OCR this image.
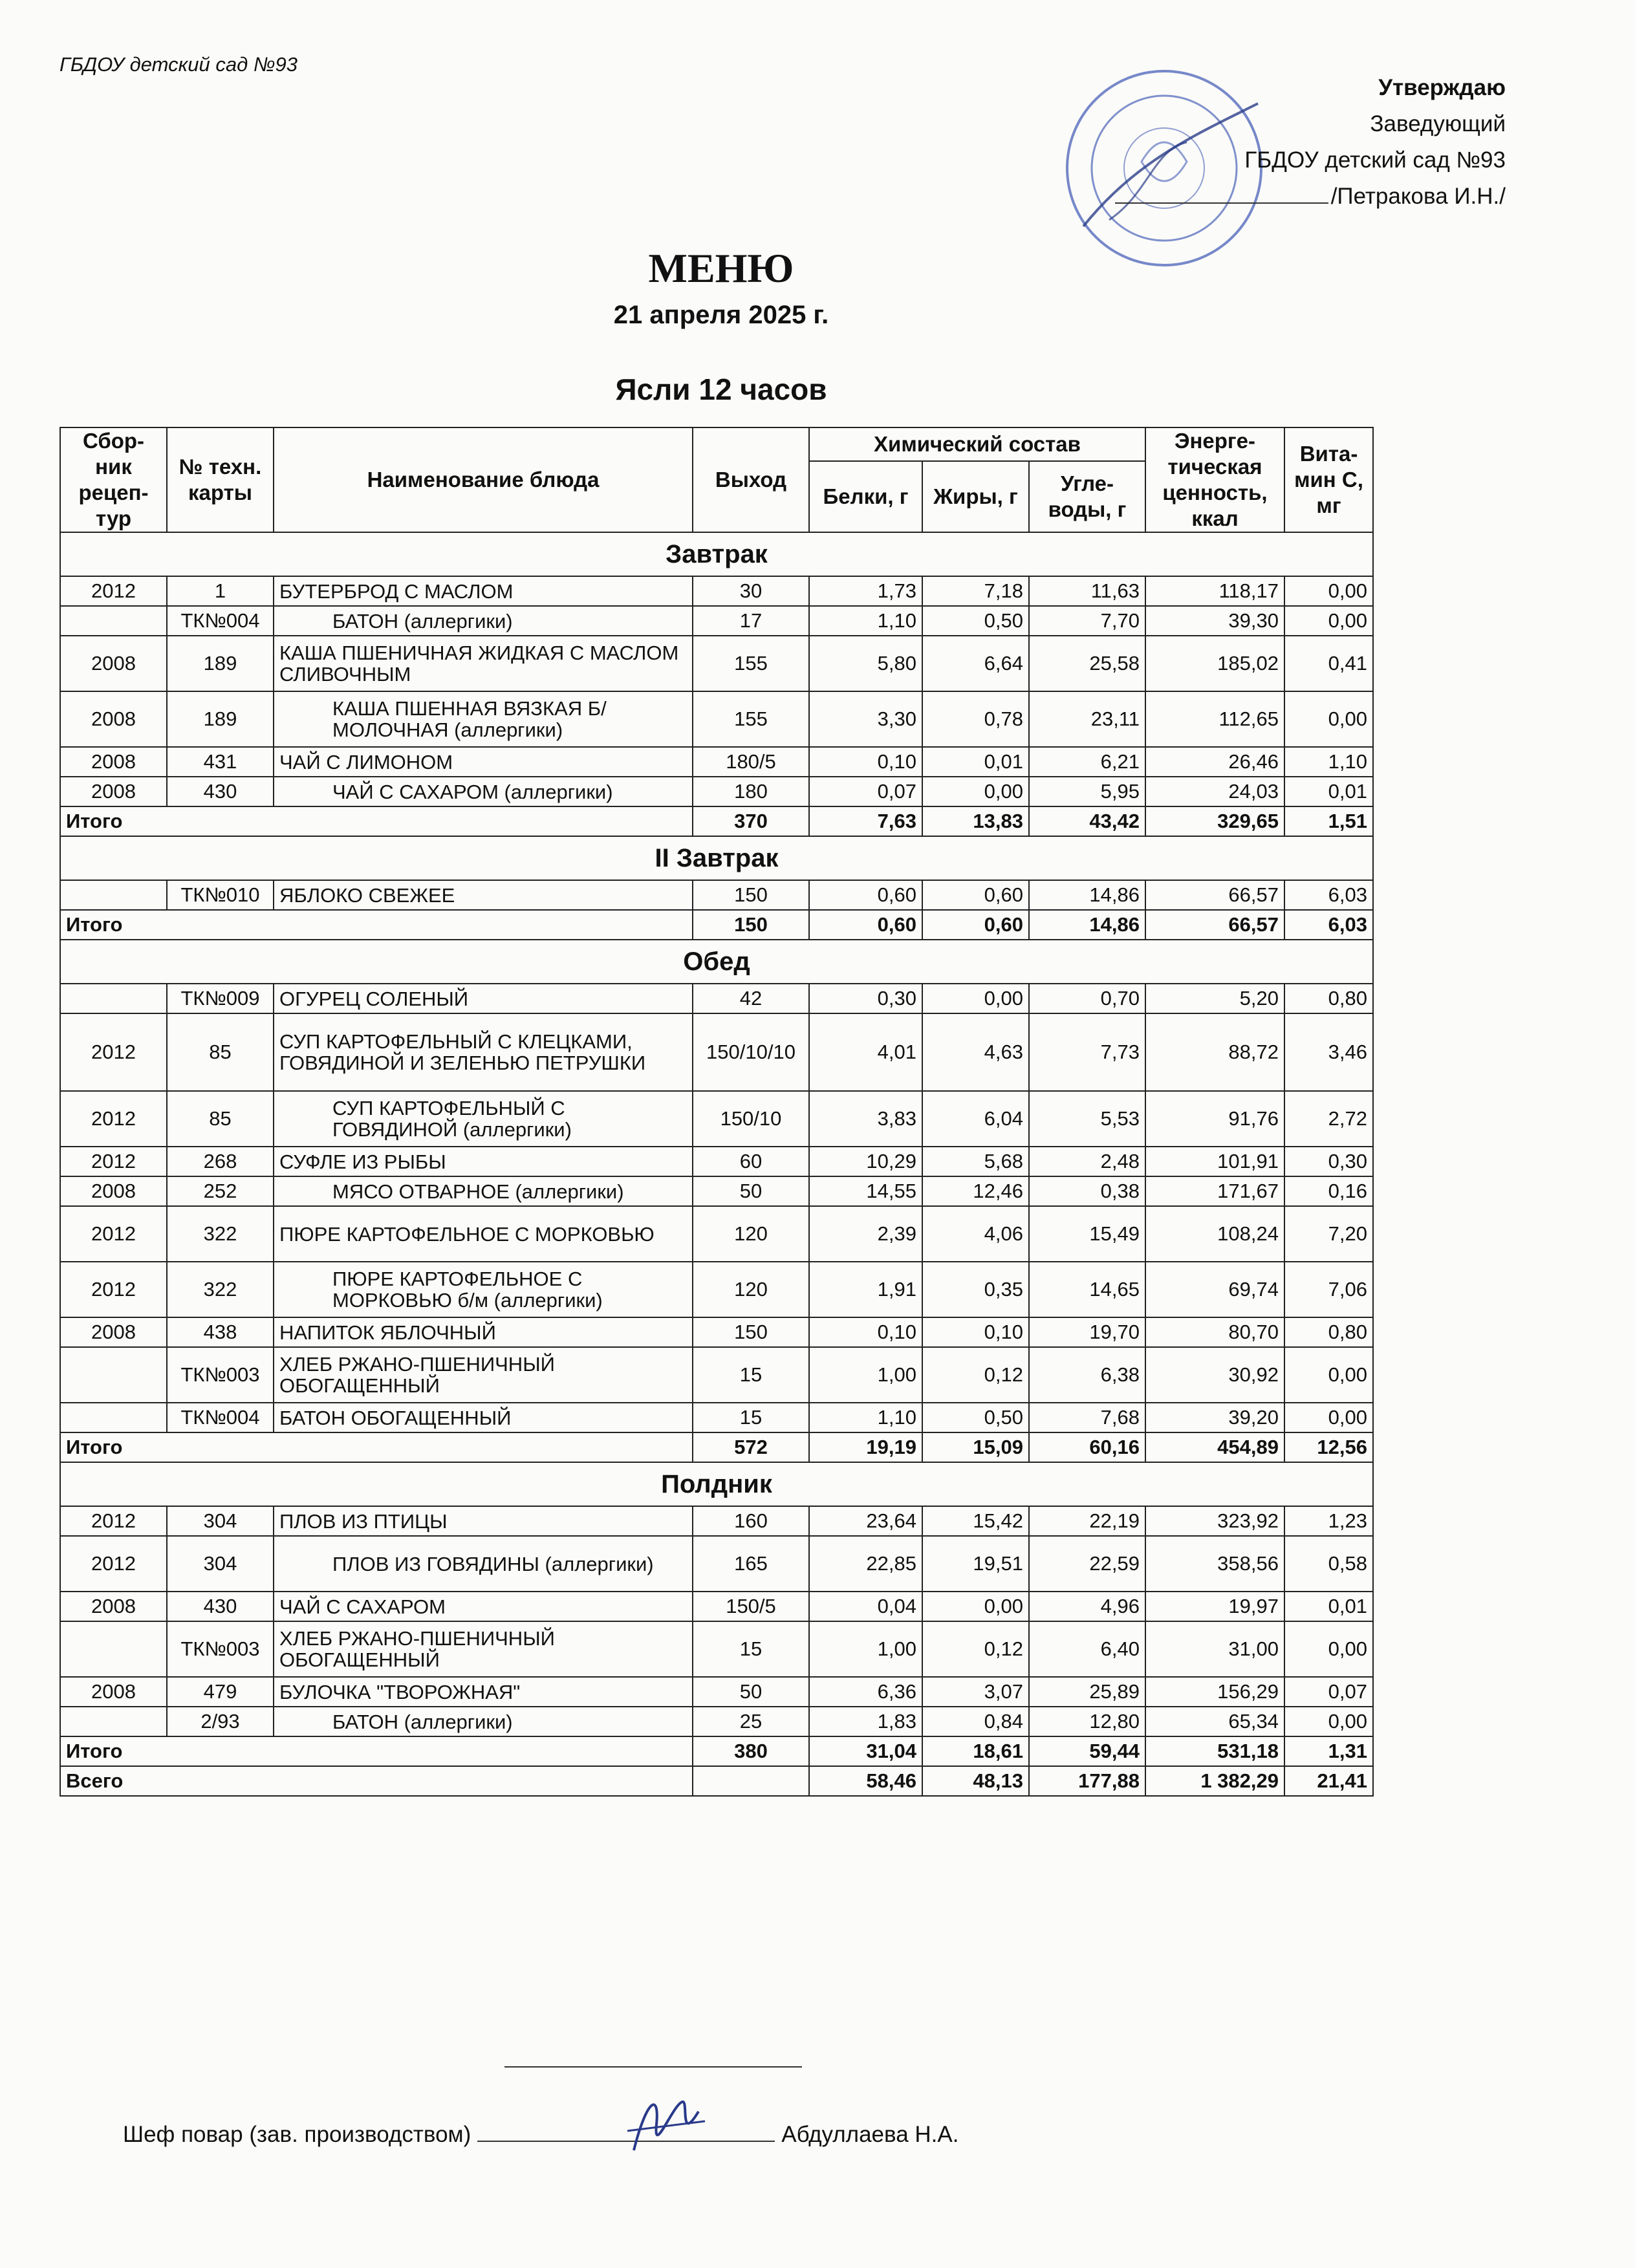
ГБДОУ детский сад №93
Утверждаю
Заведующий
ГБДОУ детский сад №93
/Петракова И.Н./
МЕНЮ
21 апреля 2025 г.
Ясли 12 часов
Сбор-ник рецеп-тур	№ техн. карты	Наименование блюда	Выход	Химический состав			Энерге-тическая ценность, ккал	Вита-мин С, мг
				Белки, г	Жиры, г	Угле-воды, г		
Завтрак								
2012	1	БУТЕРБРОД С МАСЛОМ	30	1,73	7,18	11,63	118,17	0,00
	ТК№004	БАТОН (аллергики)	17	1,10	0,50	7,70	39,30	0,00
2008	189	КАША ПШЕНИЧНАЯ ЖИДКАЯ С МАСЛОМ СЛИВОЧНЫМ	155	5,80	6,64	25,58	185,02	0,41
2008	189	КАША ПШЕННАЯ ВЯЗКАЯ Б/МОЛОЧНАЯ (аллергики)	155	3,30	0,78	23,11	112,65	0,00
2008	431	ЧАЙ С ЛИМОНОМ	180/5	0,10	0,01	6,21	26,46	1,10
2008	430	ЧАЙ С САХАРОМ (аллергики)	180	0,07	0,00	5,95	24,03	0,01
Итого			370	7,63	13,83	43,42	329,65	1,51
II Завтрак								
	ТК№010	ЯБЛОКО СВЕЖЕЕ	150	0,60	0,60	14,86	66,57	6,03
Итого			150	0,60	0,60	14,86	66,57	6,03
Обед								
	ТК№009	ОГУРЕЦ СОЛЕНЫЙ	42	0,30	0,00	0,70	5,20	0,80
2012	85	СУП КАРТОФЕЛЬНЫЙ С КЛЕЦКАМИ, ГОВЯДИНОЙ И ЗЕЛЕНЬЮ ПЕТРУШКИ	150/10/10	4,01	4,63	7,73	88,72	3,46
2012	85	СУП КАРТОФЕЛЬНЫЙ С ГОВЯДИНОЙ (аллергики)	150/10	3,83	6,04	5,53	91,76	2,72
2012	268	СУФЛЕ ИЗ РЫБЫ	60	10,29	5,68	2,48	101,91	0,30
2008	252	МЯСО ОТВАРНОЕ (аллергики)	50	14,55	12,46	0,38	171,67	0,16
2012	322	ПЮРЕ КАРТОФЕЛЬНОЕ С МОРКОВЬЮ	120	2,39	4,06	15,49	108,24	7,20
2012	322	ПЮРЕ КАРТОФЕЛЬНОЕ С МОРКОВЬЮ б/м (аллергики)	120	1,91	0,35	14,65	69,74	7,06
2008	438	НАПИТОК ЯБЛОЧНЫЙ	150	0,10	0,10	19,70	80,70	0,80
	ТК№003	ХЛЕБ РЖАНО-ПШЕНИЧНЫЙ ОБОГАЩЕННЫЙ	15	1,00	0,12	6,38	30,92	0,00
	ТК№004	БАТОН ОБОГАЩЕННЫЙ	15	1,10	0,50	7,68	39,20	0,00
Итого			572	19,19	15,09	60,16	454,89	12,56
Полдник								
2012	304	ПЛОВ ИЗ ПТИЦЫ	160	23,64	15,42	22,19	323,92	1,23
2012	304	ПЛОВ ИЗ ГОВЯДИНЫ (аллергики)	165	22,85	19,51	22,59	358,56	0,58
2008	430	ЧАЙ С САХАРОМ	150/5	0,04	0,00	4,96	19,97	0,01
	ТК№003	ХЛЕБ РЖАНО-ПШЕНИЧНЫЙ ОБОГАЩЕННЫЙ	15	1,00	0,12	6,40	31,00	0,00
2008	479	БУЛОЧКА "ТВОРОЖНАЯ"	50	6,36	3,07	25,89	156,29	0,07
	2/93	БАТОН (аллергики)	25	1,83	0,84	12,80	65,34	0,00
Итого			380	31,04	18,61	59,44	531,18	1,31
Всего				58,46	48,13	177,88	1 382,29	21,41
Шеф повар (зав. производством)	Абдуллаева Н.А.
